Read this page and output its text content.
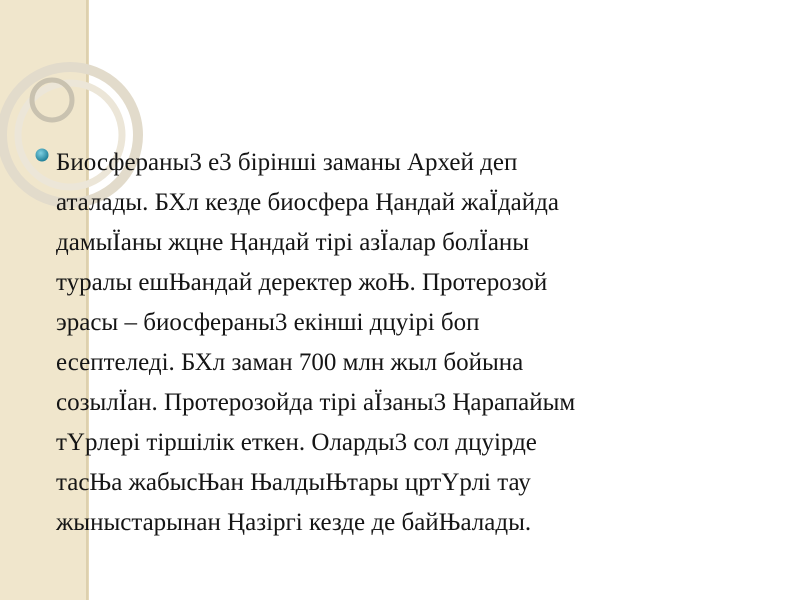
Биосфераны3 е3 бірінші заманы Архей деп
аталады. БХл кезде биосфера Ңандай жаЇдайда
дамыЇаны жцне Ңандай тірі азЇалар болЇаны
туралы ешЊандай деректер жоЊ. Протерозой
эрасы – биосфераны3 екінші дцуірі боп
есептеледі. БХл заман 700 млн жыл бойына
созылЇан. Протерозойда тірі аЇзаны3 Ңарапайым
тҮрлері тіршілік еткен. Оларды3 сол дцуірде
тасЊа жабысЊан ЊалдыЊтары цртҮрлі тау
жыныстарынан Ңазіргі кезде де байЊалады.
